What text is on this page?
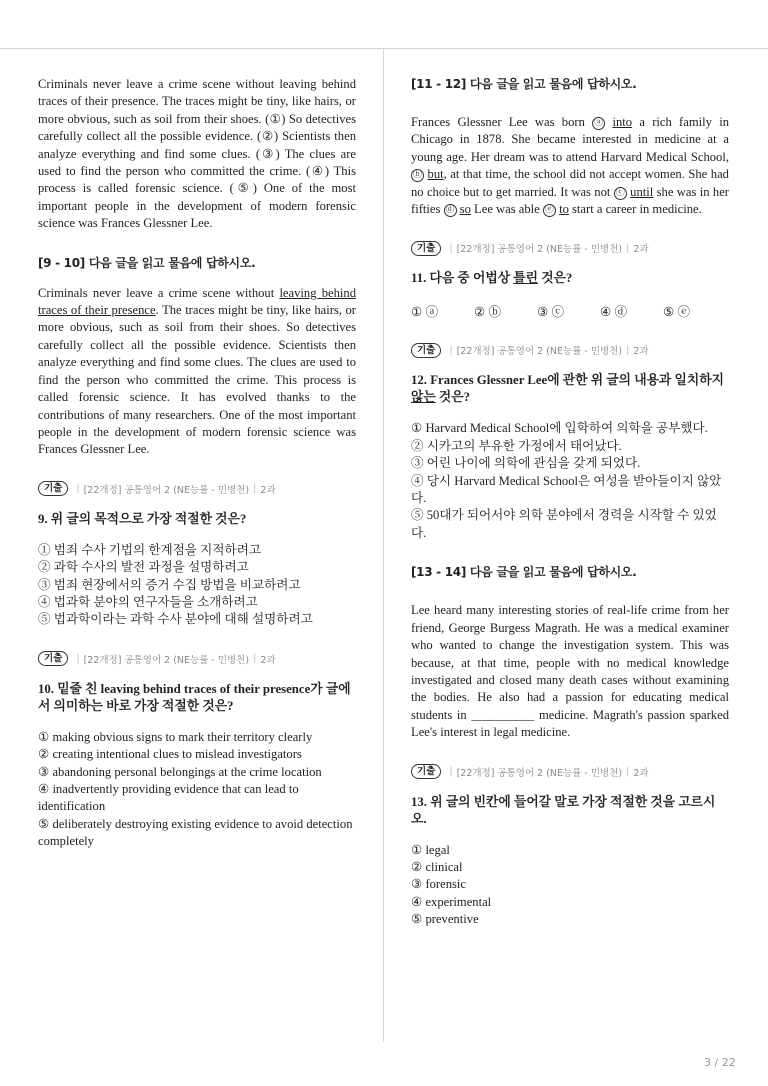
Criminals never leave a crime scene without leaving behind traces of their presence. The traces might be tiny, like hairs, or more obvious, such as soil from their shoes. (①) So detectives carefully collect all the possible evidence. (②) Scientists then analyze everything and find some clues. (③) The clues are used to find the person who committed the crime. (④) This process is called forensic science. (⑤) One of the most important people in the development of modern forensic science was Frances Glessner Lee.

[9 - 10] 다음 글을 읽고 물음에 답하시오.

Criminals never leave a crime scene without leaving behind traces of their presence. The traces might be tiny, like hairs, or more obvious, such as soil from their shoes. So detectives carefully collect all the possible evidence. Scientists then analyze everything and find some clues. The clues are used to find the person who committed the crime. This process is called forensic science. It has evolved thanks to the contributions of many researchers. One of the most important people in the development of modern forensic science was Frances Glessner Lee.

기출	| [22개정] 공통영어 2 (NE능률 - 민병천) | 2과

9. 위 글의 목적으로 가장 적절한 것은?

① 범죄 수사 기법의 한계점을 지적하려고

② 과학 수사의 발전 과정을 설명하려고

③ 범죄 현장에서의 증거 수집 방법을 비교하려고

④ 법과학 분야의 연구자들을 소개하려고

⑤ 법과학이라는 과학 수사 분야에 대해 설명하려고

기출	| [22개정] 공통영어 2 (NE능률 - 민병천) | 2과

10. 밑줄 친 leaving behind traces of their presence가 글에서 의미하는 바로 가장 적절한 것은?

① making obvious signs to mark their territory clearly

② creating intentional clues to mislead investigators

③ abandoning personal belongings at the crime location

④ inadvertently providing evidence that can lead to identification

⑤ deliberately destroying existing evidence to avoid detection completely

[11 - 12] 다음 글을 읽고 물음에 답하시오.

Frances Glessner Lee was born ⓐ into a rich family in Chicago in 1878. She became interested in medicine at a young age. Her dream was to attend Harvard Medical School, ⓑ but, at that time, the school did not accept women. She had no choice but to get married. It was not ⓒ until she was in her fifties ⓓ so Lee was able ⓔ to start a career in medicine.

기출	| [22개정] 공통영어 2 (NE능률 - 민병천) | 2과

11. 다음 중 어법상 틀린 것은?

① ⓐ	② ⓑ	③ ⓒ	④ ⓓ	⑤ ⓔ
기출	| [22개정] 공통영어 2 (NE능률 - 민병천) | 2과

12. Frances Glessner Lee에 관한 위 글의 내용과 일치하지 않는 것은?

① Harvard Medical School에 입학하여 의학을 공부했다.

② 시카고의 부유한 가정에서 태어났다.

③ 어린 나이에 의학에 관심을 갖게 되었다.

④ 당시 Harvard Medical School은 여성을 받아들이지 않았다.

⑤ 50대가 되어서야 의학 분야에서 경력을 시작할 수 있었다.

[13 - 14] 다음 글을 읽고 물음에 답하시오.

Lee heard many interesting stories of real-life crime from her friend, George Burgess Magrath. He was a medical examiner who wanted to change the investigation system. This was because, at that time, people with no medical knowledge investigated and closed many death cases without examining the bodies. He also had a passion for educating medical students in __________ medicine. Magrath's passion sparked Lee's interest in legal medicine.

기출	| [22개정] 공통영어 2 (NE능률 - 민병천) | 2과

13. 위 글의 빈칸에 들어갈 말로 가장 적절한 것을 고르시오.

① legal

② clinical

③ forensic

④ experimental

⑤ preventive

3 / 22
